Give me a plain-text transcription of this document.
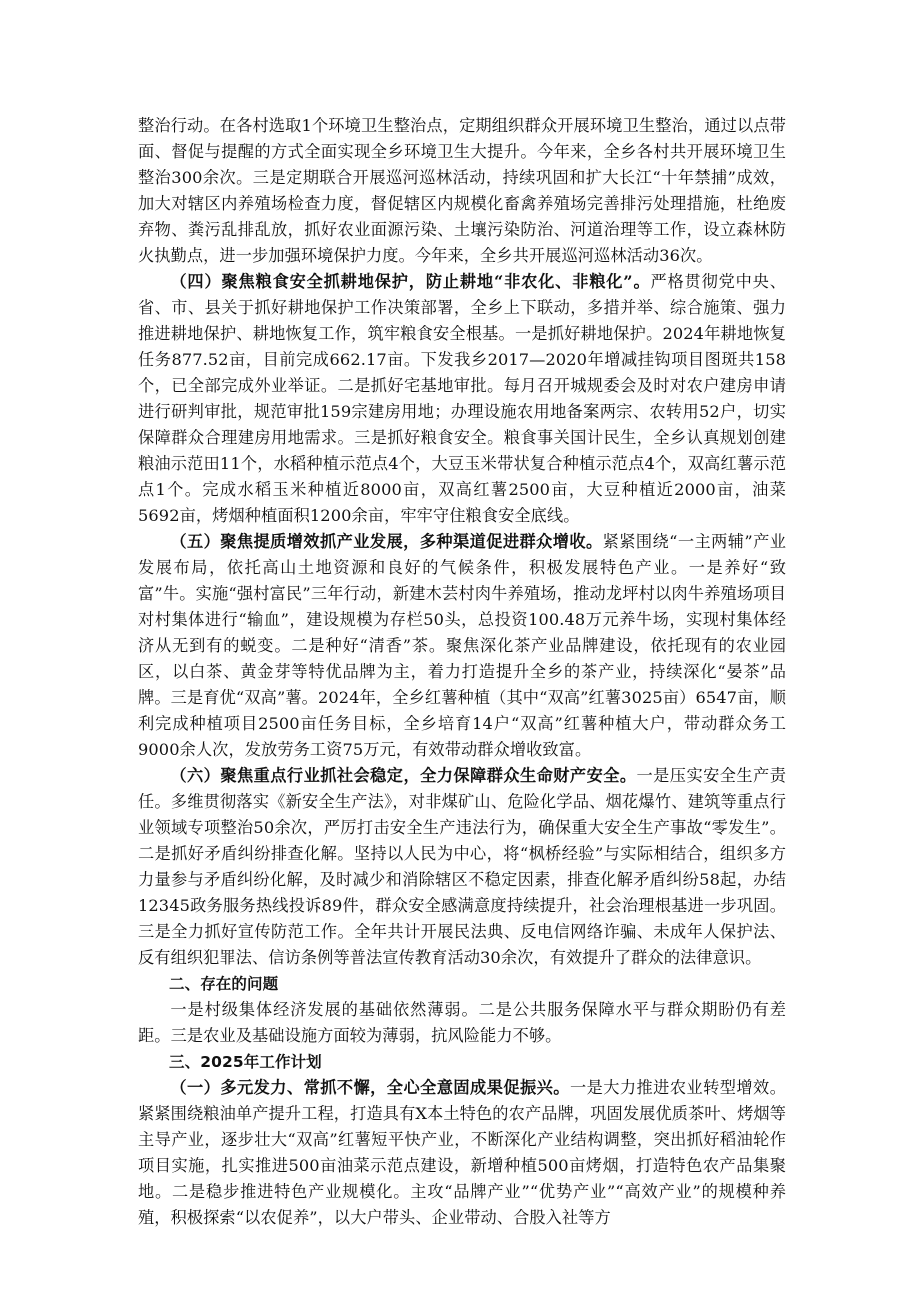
整治行动。在各村选取1个环境卫生整治点，定期组织群众开展环境卫生整治，通过以点带面、督促与提醒的方式全面实现全乡环境卫生大提升。今年来，全乡各村共开展环境卫生整治300余次。三是定期联合开展巡河巡林活动，持续巩固和扩大长江“十年禁捕”成效，加大对辖区内养殖场检查力度，督促辖区内规模化畜禽养殖场完善排污处理措施，杜绝废弃物、粪污乱排乱放，抓好农业面源污染、土壤污染防治、河道治理等工作，设立森林防火执勤点，进一步加强环境保护力度。今年来，全乡共开展巡河巡林活动36次。

（四）聚焦粮食安全抓耕地保护，防止耕地“非农化、非粮化”。严格贯彻党中央、省、市、县关于抓好耕地保护工作决策部署，全乡上下联动，多措并举、综合施策、强力推进耕地保护、耕地恢复工作，筑牢粮食安全根基。一是抓好耕地保护。2024年耕地恢复任务877.52亩，目前完成662.17亩。下发我乡2017—2020年增减挂钩项目图斑共158个，已全部完成外业举证。二是抓好宅基地审批。每月召开城规委会及时对农户建房申请进行研判审批，规范审批159宗建房用地；办理设施农用地备案两宗、农转用52户，切实保障群众合理建房用地需求。三是抓好粮食安全。粮食事关国计民生，全乡认真规划创建粮油示范田11个，水稻种植示范点4个，大豆玉米带状复合种植示范点4个，双高红薯示范点1个。完成水稻玉米种植近8000亩，双高红薯2500亩，大豆种植近2000亩，油菜5692亩，烤烟种植面积1200余亩，牢牢守住粮食安全底线。

（五）聚焦提质增效抓产业发展，多种渠道促进群众增收。紧紧围绕“一主两辅”产业发展布局，依托高山土地资源和良好的气候条件，积极发展特色产业。一是养好“致富”牛。实施“强村富民”三年行动，新建木芸村肉牛养殖场，推动龙坪村以肉牛养殖场项目对村集体进行“输血”，建设规模为存栏50头，总投资100.48万元养牛场，实现村集体经济从无到有的蜕变。二是种好“清香”茶。聚焦深化茶产业品牌建设，依托现有的农业园区，以白茶、黄金芽等特优品牌为主，着力打造提升全乡的茶产业，持续深化“晏茶”品牌。三是育优“双高”薯。2024年，全乡红薯种植（其中“双高”红薯3025亩）6547亩，顺利完成种植项目2500亩任务目标，全乡培育14户“双高”红薯种植大户，带动群众务工9000余人次，发放劳务工资75万元，有效带动群众增收致富。

（六）聚焦重点行业抓社会稳定，全力保障群众生命财产安全。一是压实安全生产责任。多维贯彻落实《新安全生产法》，对非煤矿山、危险化学品、烟花爆竹、建筑等重点行业领域专项整治50余次，严厉打击安全生产违法行为，确保重大安全生产事故“零发生”。二是抓好矛盾纠纷排查化解。坚持以人民为中心，将“枫桥经验”与实际相结合，组织多方力量参与矛盾纠纷化解，及时减少和消除辖区不稳定因素，排查化解矛盾纠纷58起，办结12345政务服务热线投诉89件，群众安全感满意度持续提升，社会治理根基进一步巩固。三是全力抓好宣传防范工作。全年共计开展民法典、反电信网络诈骗、未成年人保护法、反有组织犯罪法、信访条例等普法宣传教育活动30余次，有效提升了群众的法律意识。

二、存在的问题

一是村级集体经济发展的基础依然薄弱。二是公共服务保障水平与群众期盼仍有差距。三是农业及基础设施方面较为薄弱，抗风险能力不够。

三、2025年工作计划

（一）多元发力、常抓不懈，全心全意固成果促振兴。一是大力推进农业转型增效。紧紧围绕粮油单产提升工程，打造具有X本土特色的农产品牌，巩固发展优质茶叶、烤烟等主导产业，逐步壮大“双高”红薯短平快产业，不断深化产业结构调整，突出抓好稻油轮作项目实施，扎实推进500亩油菜示范点建设，新增种植500亩烤烟，打造特色农产品集聚地。二是稳步推进特色产业规模化。主攻“品牌产业”“优势产业”“高效产业”的规模种养殖，积极探索“以农促养”，以大户带头、企业带动、合股入社等方
